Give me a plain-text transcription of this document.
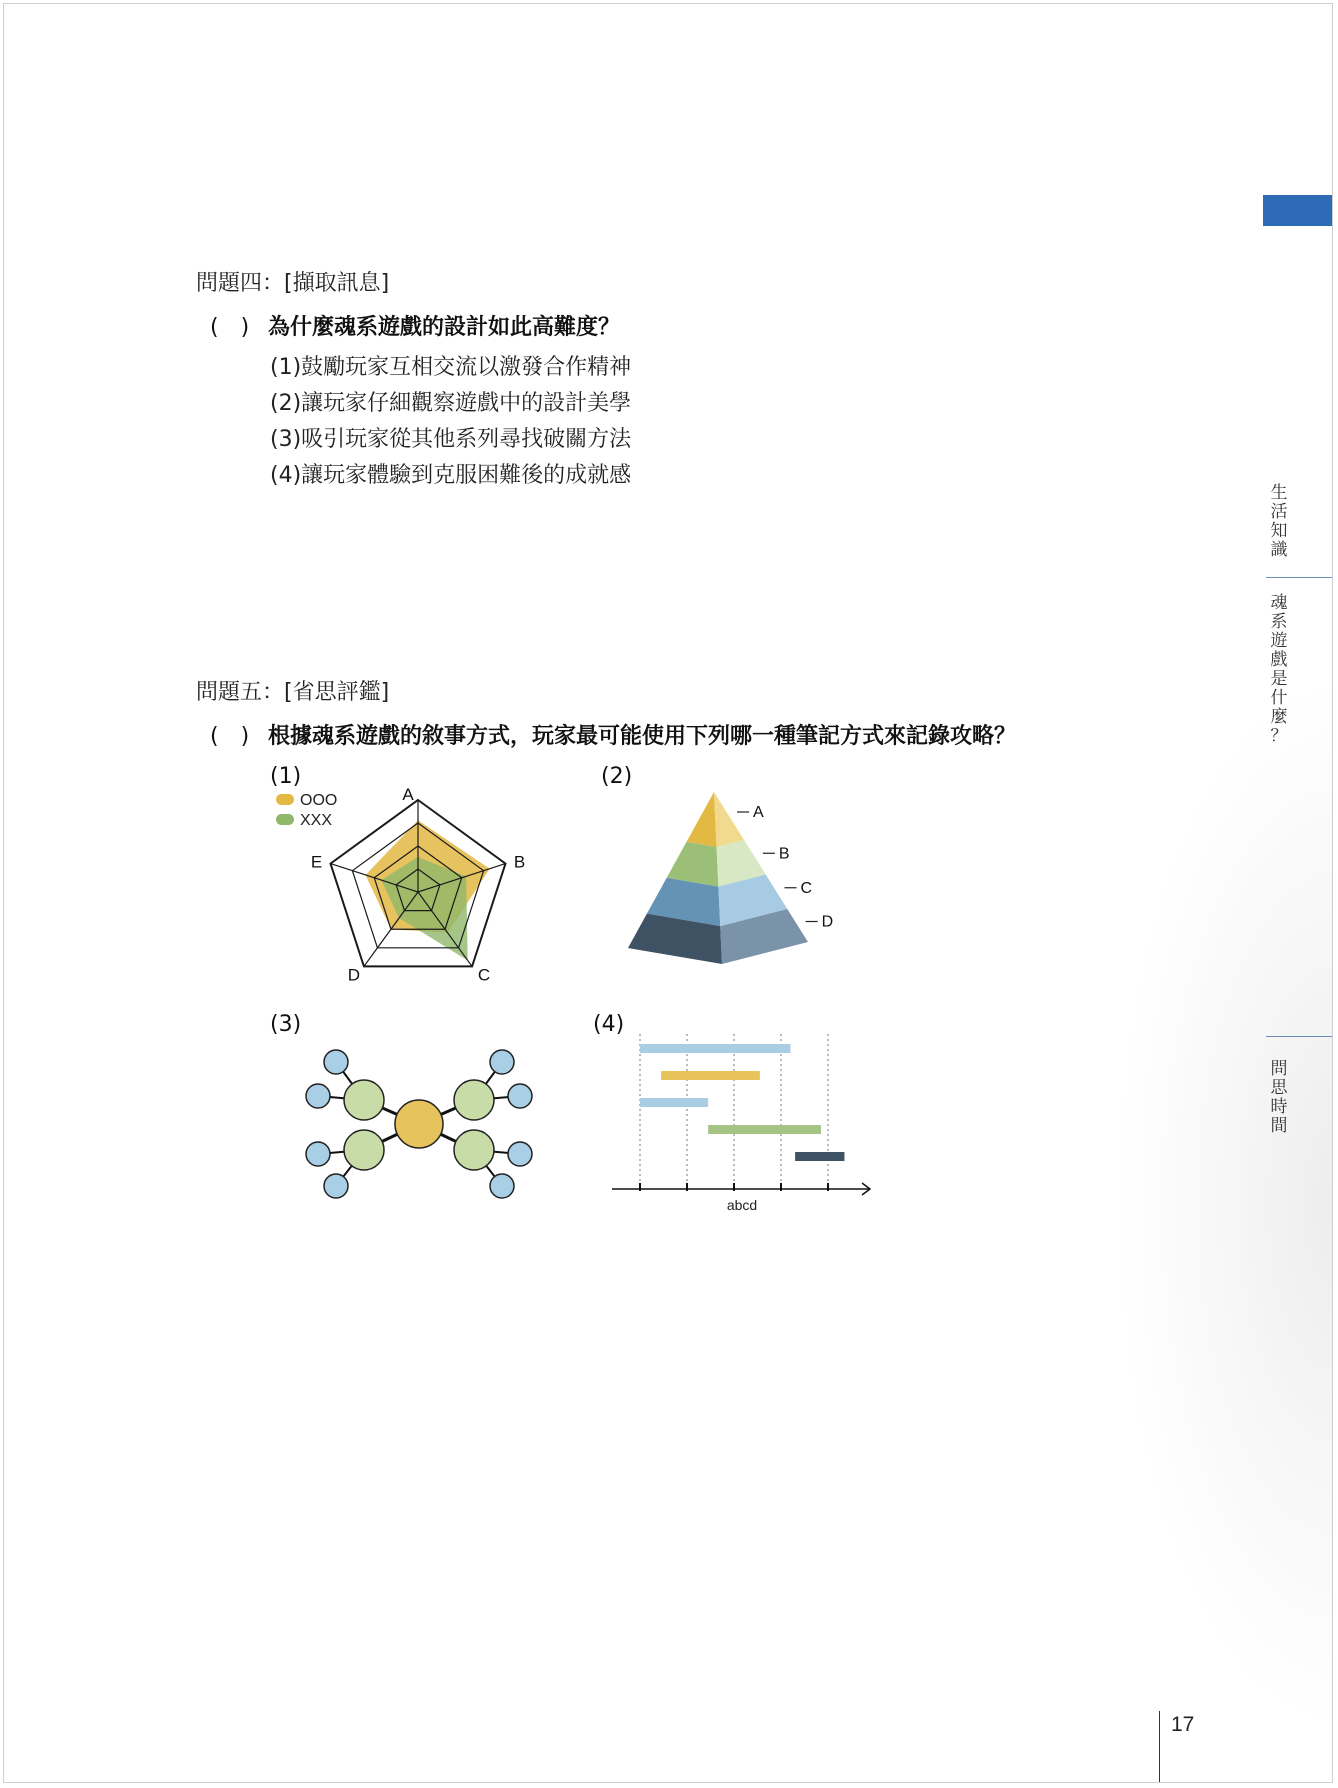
問題四：[擷取訊息]
(　) 為什麼魂系遊戲的設計如此高難度？
(1)鼓勵玩家互相交流以激發合作精神
(2)讓玩家仔細觀察遊戲中的設計美學
(3)吸引玩家從其他系列尋找破關方法
(4)讓玩家體驗到克服困難後的成就感
問題五：[省思評鑑]
(　) 根據魂系遊戲的敘事方式，玩家最可能使用下列哪一種筆記方式來記錄攻略？
(1)	(2)
(3)	(4)
OOO
XXX
A
B
C
D
E
A
B
C
D
abcd
生
活
知
識
魂
系
遊
戲
是
什
麼
？
問
思
時
間
17
